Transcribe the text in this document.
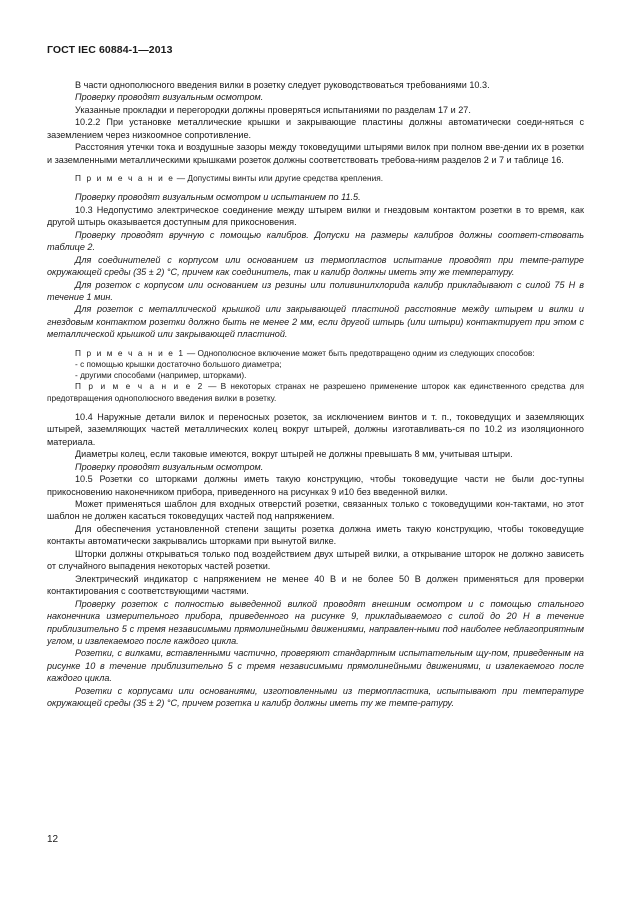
ГОСТ IEC 60884-1—2013

В части однополюсного введения вилки в розетку следует руководствоваться требованиями 10.3.

Проверку проводят визуальным осмотром.

Указанные прокладки и перегородки должны проверяться испытаниями по разделам 17 и 27.

10.2.2 При установке металлические крышки и закрывающие пластины должны автоматически соеди-няться с заземлением через низкоомное сопротивление.

Расстояния утечки тока и воздушные зазоры между токоведущими штырями вилок при полном вве-дении их в розетки и заземленными металлическими крышками розеток должны соответствовать требова-ниям разделов 2 и 7 и таблице 16.

П р и м е ч а н и е — Допустимы винты или другие средства крепления.

Проверку проводят визуальным осмотром и испытанием по 11.5.

10.3 Недопустимо электрическое соединение между штырем вилки и гнездовым контактом розетки в то время, как другой штырь оказывается доступным для прикосновения.

Проверку проводят вручную с помощью калибров. Допуски на размеры калибров должны соответ-ствовать таблице 2.

Для соединителей с корпусом или основанием из термопластов испытание проводят при темпе-ратуре окружающей среды (35 ± 2) °С, причем как соединитель, так и калибр должны иметь эту же температуру.

Для розеток с корпусом или основанием из резины или поливинилхлорида калибр прикладывают с силой 75 Н в течение 1 мин.

Для розеток с металлической крышкой или закрывающей пластиной расстояние между штырем и вилки и гнездовым контактом розетки должно быть не менее 2 мм, если другой штырь (или штыри) контактирует при этом с металлической крышкой или закрывающей пластиной.

П р и м е ч а н и е 1 — Однополюсное включение может быть предотвращено одним из следующих способов:

- с помощью крышки достаточно большого диаметра;

- другими способами (например, шторками).

П р и м е ч а н и е 2 — В некоторых странах не разрешено применение шторок как единственного средства для предотвращения однополюсного введения вилки в розетку.

10.4 Наружные детали вилок и переносных розеток, за исключением винтов и т. п., токоведущих и заземляющих штырей, заземляющих частей металлических колец вокруг штырей, должны изготавливать-ся по 10.2 из изоляционного материала.

Диаметры колец, если таковые имеются, вокруг штырей не должны превышать 8 мм, учитывая штыри.

Проверку проводят визуальным осмотром.

10.5 Розетки со шторками должны иметь такую конструкцию, чтобы токоведущие части не были дос-тупны прикосновению наконечником прибора, приведенного на рисунках 9 и10 без введенной вилки.

Может применяться шаблон для входных отверстий розетки, связанных только с токоведущими кон-тактами, но этот шаблон не должен касаться токоведущих частей под напряжением.

Для обеспечения установленной степени защиты розетка должна иметь такую конструкцию, чтобы токоведущие контакты автоматически закрывались шторками при вынутой вилке.

Шторки должны открываться только под воздействием двух штырей вилки, а открывание шторок не должно зависеть от случайного выпадения некоторых частей розетки.

Электрический индикатор с напряжением не менее 40 В и не более 50 В должен применяться для проверки контактирования с соответствующими частями.

Проверку розеток с полностью выведенной вилкой проводят внешним осмотром и с помощью стального наконечника измерительного прибора, приведенного на рисунке 9, прикладываемого с силой до 20 Н в течение приблизительно 5 с тремя независимыми прямолинейными движениями, направлен-ными под наиболее неблагоприятным углом, и извлекаемого после каждого цикла.

Розетки, с вилками, вставленными частично, проверяют стандартным испытательным щу-пом, приведенным на рисунке 10 в течение приблизительно 5 с тремя независимыми прямолинейными движениями, и извлекаемого после каждого цикла.

Розетки с корпусами или основаниями, изготовленными из термопластика, испытывают при температуре окружающей среды (35 ± 2) °С, причем розетка и калибр должны иметь ту же темпе-ратуру.

12
